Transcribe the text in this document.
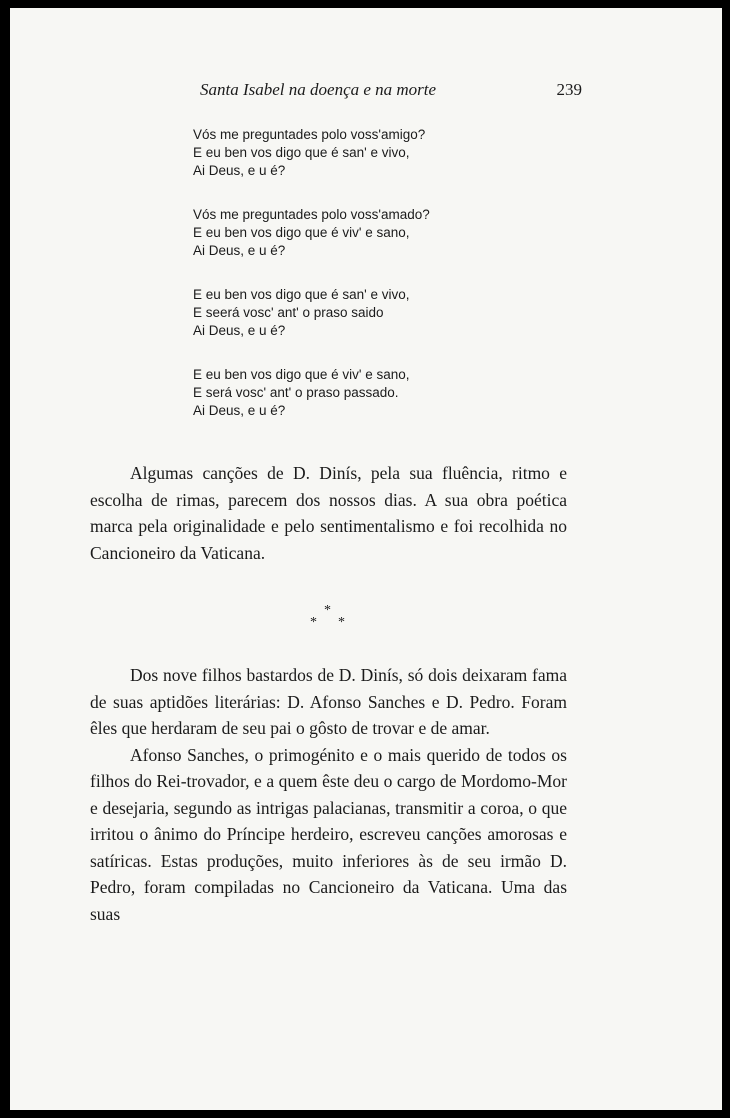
Santa Isabel na doença e na morte	239
Vós me preguntades polo voss'amigo?
E eu ben vos digo que é san' e vivo,
Ai Deus, e u é?
Vós me preguntades polo voss'amado?
E eu ben vos digo que é viv' e sano,
Ai Deus, e u é?
E eu ben vos digo que é san' e vivo,
E seerá vosc' ant' o praso saido
Ai Deus, e u é?
E eu ben vos digo que é viv' e sano,
E será vosc' ant' o praso passado.
Ai Deus, e u é?

Algumas canções de D. Dinís, pela sua fluência, ritmo e escolha de rimas, parecem dos nossos dias. A sua obra poética marca pela originalidade e pelo sentimentalismo e foi recolhida no Cancioneiro da Vaticana.

*
* *

Dos nove filhos bastardos de D. Dinís, só dois deixaram fama de suas aptidões literárias: D. Afonso Sanches e D. Pedro. Foram êles que herdaram de seu pai o gôsto de trovar e de amar.

Afonso Sanches, o primogénito e o mais querido de todos os filhos do Rei-trovador, e a quem êste deu o cargo de Mordomo-Mor e desejaria, segundo as intrigas palacianas, transmitir a coroa, o que irritou o ânimo do Príncipe herdeiro, escreveu canções amorosas e satíricas. Estas produções, muito inferiores às de seu irmão D. Pedro, foram compiladas no Cancioneiro da Vaticana. Uma das suas
